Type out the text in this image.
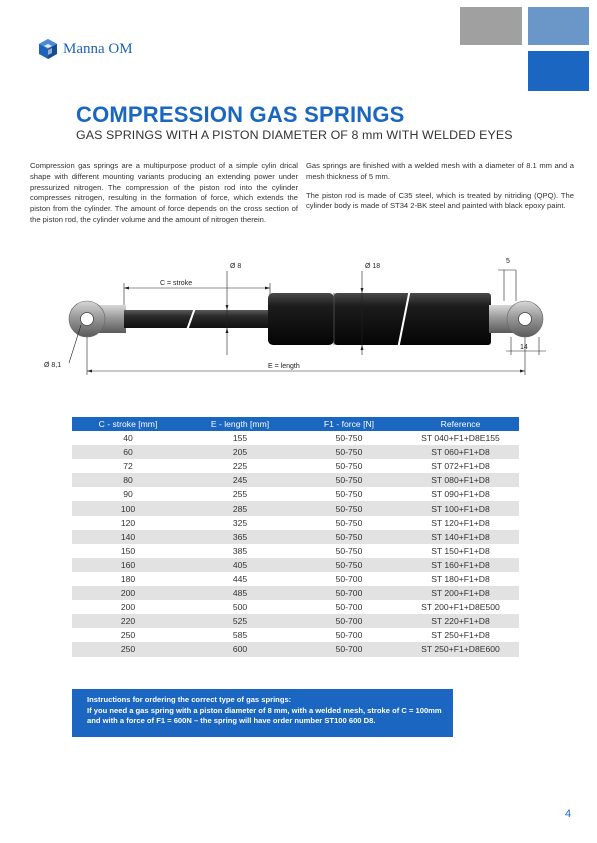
Manna OM
COMPRESSION GAS SPRINGS
GAS SPRINGS WITH A PISTON DIAMETER OF 8 mm WITH WELDED EYES

Compression gas springs are a multipurpose product of a simple cylin drical shape with different mounting variants producing an extending power under pressurized nitrogen. The compression of the piston rod into the cylinder compresses nitrogen, resulting in the formation of force, which extends the piston from the cylinder. The amount of force depends on the cross section of the piston rod, the cylinder volume and the amount of nitrogen therein.

Gas springs are finished with a welded mesh with a diameter of 8.1 mm and a mesh thickness of 5 mm.

The piston rod is made of C35 steel, which is treated by nitriding (QPQ). The cylinder body is made of ST34 2-BK steel and painted with black epoxy paint.

C = stroke
Ø 8	Ø 18
5
14
Ø 8,1	E = length
C - stroke [mm]	E - length [mm]	F1 - force [N]	Reference
40	155	50-750	ST 040+F1+D8E155
60	205	50-750	ST 060+F1+D8
72	225	50-750	ST 072+F1+D8
80	245	50-750	ST 080+F1+D8
90	255	50-750	ST 090+F1+D8
100	285	50-750	ST 100+F1+D8
120	325	50-750	ST 120+F1+D8
140	365	50-750	ST 140+F1+D8
150	385	50-750	ST 150+F1+D8
160	405	50-750	ST 160+F1+D8
180	445	50-700	ST 180+F1+D8
200	485	50-700	ST 200+F1+D8
200	500	50-700	ST 200+F1+D8E500
220	525	50-700	ST 220+F1+D8
250	585	50-700	ST 250+F1+D8
250	600	50-700	ST 250+F1+D8E600
Instructions for ordering the correct type of gas springs:
If you need a gas spring with a piston diameter of 8 mm, with a welded mesh, stroke of C = 100mm and with a force of F1 = 600N – the spring will have order number ST100 600 D8.
4
